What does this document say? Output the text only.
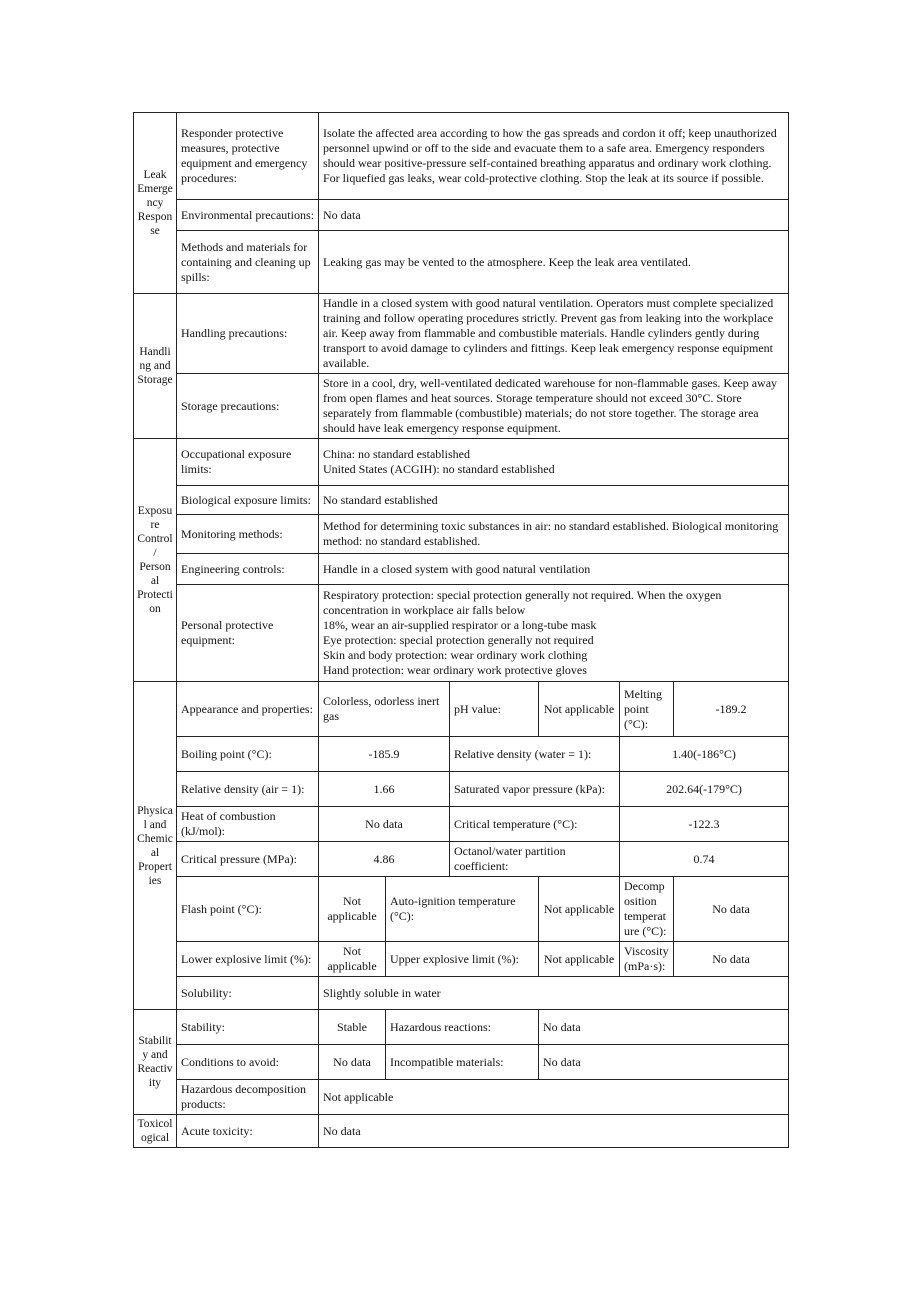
Leak Emergency Response	Responder protective measures, protective equipment and emergency procedures:	Isolate the affected area according to how the gas spreads and cordon it off; keep unauthorized personnel upwind or off to the side and evacuate them to a safe area. Emergency responders should wear positive-pressure self-contained breathing apparatus and ordinary work clothing. For liquefied gas leaks, wear cold-protective clothing. Stop the leak at its source if possible.					
	Environmental precautions:	No data					
	Methods and materials for containing and cleaning up spills:	Leaking gas may be vented to the atmosphere. Keep the leak area ventilated.					
Handling and Storage	Handling precautions:	Handle in a closed system with good natural ventilation. Operators must complete specialized training and follow operating procedures strictly. Prevent gas from leaking into the workplace air. Keep away from flammable and combustible materials. Handle cylinders gently during transport to avoid damage to cylinders and fittings. Keep leak emergency response equipment available.					
	Storage precautions:	Store in a cool, dry, well-ventilated dedicated warehouse for non-flammable gases. Keep away from open flames and heat sources. Storage temperature should not exceed 30°C. Store separately from flammable (combustible) materials; do not store together. The storage area should have leak emergency response equipment.					
Exposure Control / Personal Protection	Occupational exposure limits:	China: no standard established
United States (ACGIH): no standard established					

	Biological exposure limits:	No standard established					
	Monitoring methods:	Method for determining toxic substances in air: no standard established. Biological monitoring method: no standard established.					
	Engineering controls:	Handle in a closed system with good natural ventilation					
	Personal protective equipment:	Respiratory protection: special protection generally not required. When the oxygen concentration in workplace air falls below
18%, wear an air-supplied respirator or a long-tube mask
Eye protection: special protection generally not required
Skin and body protection: wear ordinary work clothing
Hand protection: wear ordinary work protective gloves					

Physical and Chemical Properties	Appearance and properties:	Colorless, odorless inert gas		pH value:	Not applicable	Melting point (°C):	-189.2
	Boiling point (°C):	-185.9		Relative density (water = 1):		1.40(-186°C)	
	Relative density (air = 1):	1.66		Saturated vapor pressure (kPa):		202.64(-179°C)	
	Heat of combustion (kJ/mol):	No data		Critical temperature (°C):		-122.3	
	Critical pressure (MPa):	4.86		Octanol/water partition coefficient:		0.74	
	Flash point (°C):	Not applicable	Auto-ignition temperature (°C):		Not applicable	Decomposition temperature (°C):	No data
	Lower explosive limit (%):	Not applicable	Upper explosive limit (%):		Not applicable	Viscosity (mPa·s):	No data
	Solubility:	Slightly soluble in water					
Stability and Reactivity	Stability:	Stable	Hazardous reactions:		No data		
	Conditions to avoid:	No data	Incompatible materials:		No data		
	Hazardous decomposition products:	Not applicable					
Toxicological	Acute toxicity:	No data					
